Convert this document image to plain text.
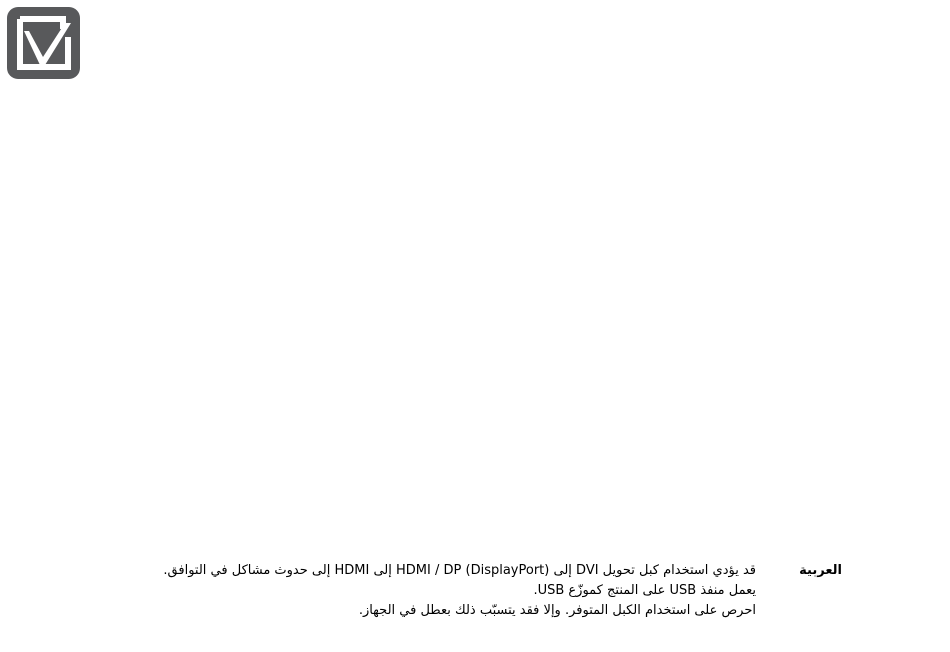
العربية
قد يؤدي استخدام كبل تحويل DVI إلى (DisplayPort) HDMI / DP إلى HDMI إلى حدوث مشاكل في التوافق.
يعمل منفذ USB على المنتج كموزّع USB.
احرص على استخدام الكبل المتوفر. وإلا فقد يتسبّب ذلك بعطل في الجهاز.
